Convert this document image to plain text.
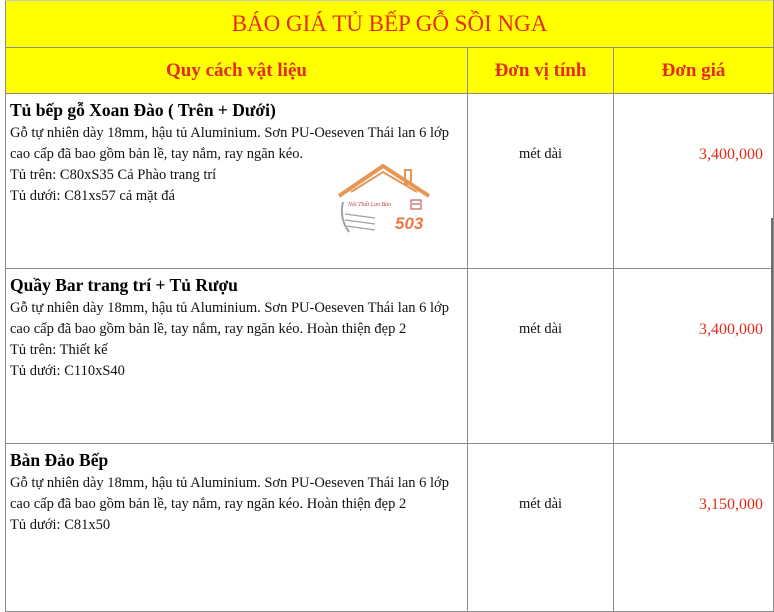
BÁO GIÁ TỦ BẾP GỖ SỒI NGA		
Quy cách vật liệu	Đơn vị tính	Đơn giá

Tủ bếp gỗ Xoan Đào ( Trên + Dưới)
Gỗ tự nhiên dày 18mm, hậu tủ Aluminium. Sơn PU-Oeseven Thái lan 6 lớp
cao cấp đã bao gồm bản lề, tay nắm, ray ngăn kéo.
Tủ trên: C80xS35 Cả Phào trang trí
Tủ dưới: C81xs57 cả mặt đá	mét dài	3,400,000

Quầy Bar trang trí + Tủ Rượu
Gỗ tự nhiên dày 18mm, hậu tủ Aluminium. Sơn PU-Oeseven Thái lan 6 lớp
cao cấp đã bao gồm bản lề, tay nắm, ray ngăn kéo. Hoàn thiện đẹp 2
Tủ trên: Thiết kế
Tủ dưới: C110xS40	mét dài	3,400,000

Bàn Đảo Bếp
Gỗ tự nhiên dày 18mm, hậu tủ Aluminium. Sơn PU-Oeseven Thái lan 6 lớp
cao cấp đã bao gồm bản lề, tay nắm, ray ngăn kéo. Hoàn thiện đẹp 2
Tủ dưới: C81x50	mét dài	3,150,000
Nội Thất Lan Bảo
503
